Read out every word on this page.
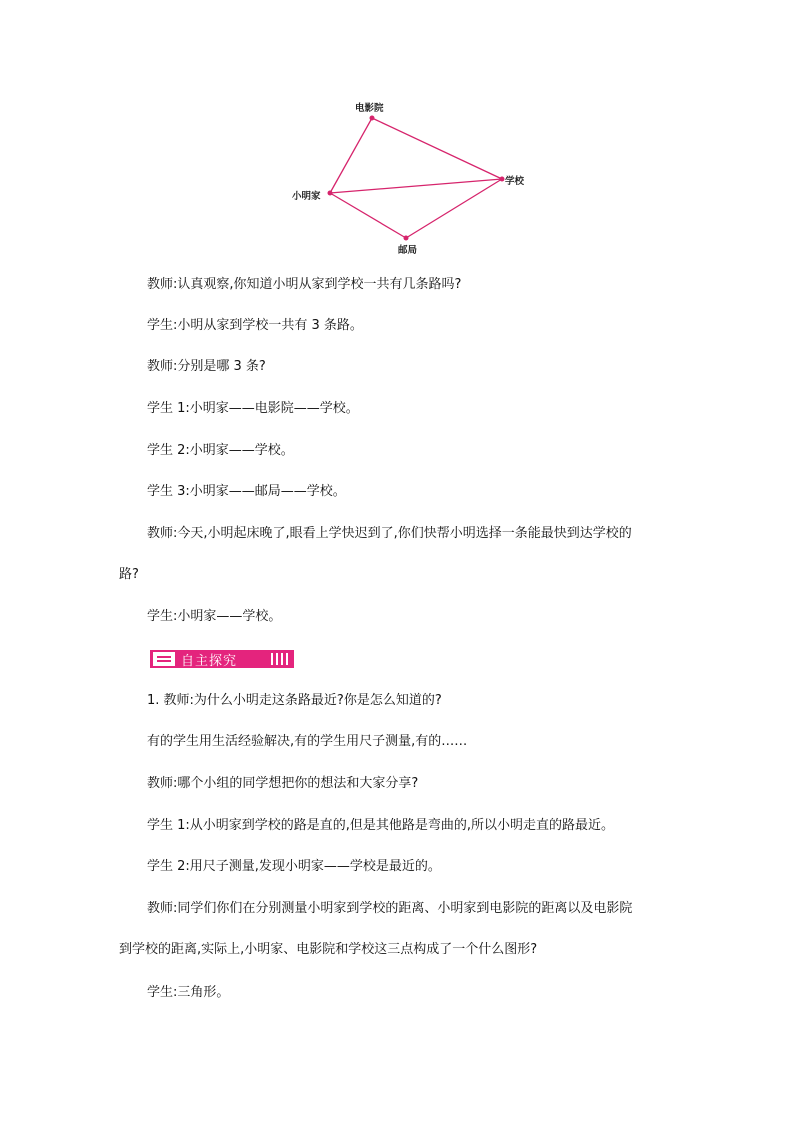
电影院
学校
小明家
邮局
教师:认真观察,你知道小明从家到学校一共有几条路吗?
学生:小明从家到学校一共有 3 条路。
教师:分别是哪 3 条?
学生 1:小明家——电影院——学校。
学生 2:小明家——学校。
学生 3:小明家——邮局——学校。
教师:今天,小明起床晚了,眼看上学快迟到了,你们快帮小明选择一条能最快到达学校的
路?
学生:小明家——学校。
自主探究
1. 教师:为什么小明走这条路最近?你是怎么知道的?
有的学生用生活经验解决,有的学生用尺子测量,有的……
教师:哪个小组的同学想把你的想法和大家分享?
学生 1:从小明家到学校的路是直的,但是其他路是弯曲的,所以小明走直的路最近。
学生 2:用尺子测量,发现小明家——学校是最近的。
教师:同学们你们在分别测量小明家到学校的距离、小明家到电影院的距离以及电影院
到学校的距离,实际上,小明家、电影院和学校这三点构成了一个什么图形?
学生:三角形。
